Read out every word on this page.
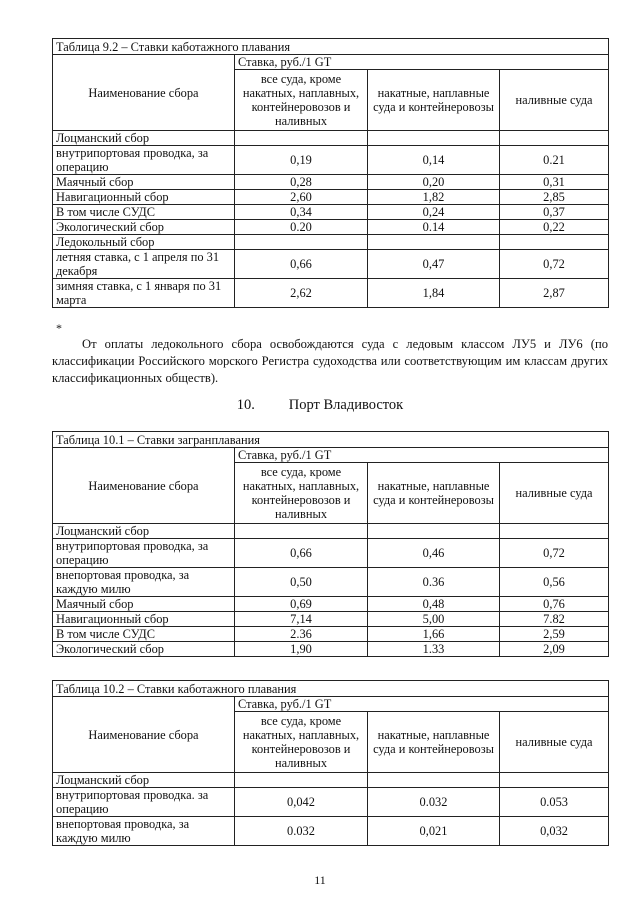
Таблица 9.2 – Ставки каботажного плавания			
Наименование сбора	Ставка, руб./1 GT		
	все суда, кроме накатных, наплавных, контейнеровозов и наливных	накатные, наплавные суда и контейнеровозы	наливные суда
Лоцманский сбор			
внутрипортовая проводка, за операцию	0,19	0,14	0.21
Маячный сбор	0,28	0,20	0,31
Навигационный сбор	2,60	1,82	2,85
В том числе СУДС	0,34	0,24	0,37
Экологический сбор	0.20	0.14	0,22
Ледокольный сбор			
летняя ставка, с 1 апреля по 31 декабря	0,66	0,47	0,72
зимняя ставка, с 1 января по 31 марта	2,62	1,84	2,87
*

От оплаты ледокольного сбора освобождаются суда с ледовым классом ЛУ5 и ЛУ6 (по классификации Российского морского Регистра судоходства или соответствующим им классам других классификационных обществ).

10. Порт Владивосток
Таблица 10.1 – Ставки загранплавания			
Наименование сбора	Ставка, руб./1 GT		
	все суда, кроме накатных, наплавных, контейнеровозов и наливных	накатные, наплавные суда и контейнеровозы	наливные суда
Лоцманский сбор			
внутрипортовая проводка, за операцию	0,66	0,46	0,72
внепортовая проводка, за каждую милю	0,50	0.36	0,56
Маячный сбор	0,69	0,48	0,76
Навигационный сбор	7,14	5,00	7.82
В том числе СУДС	2.36	1,66	2,59
Экологический сбор	1,90	1.33	2,09
Таблица 10.2 – Ставки каботажного плавания			
Наименование сбора	Ставка, руб./1 GT		
	все суда, кроме накатных, наплавных, контейнеровозов и наливных	накатные, наплавные суда и контейнеровозы	наливные суда
Лоцманский сбор			
внутрипортовая проводка. за операцию	0,042	0.032	0.053
внепортовая проводка, за каждую милю	0.032	0,021	0,032
11
